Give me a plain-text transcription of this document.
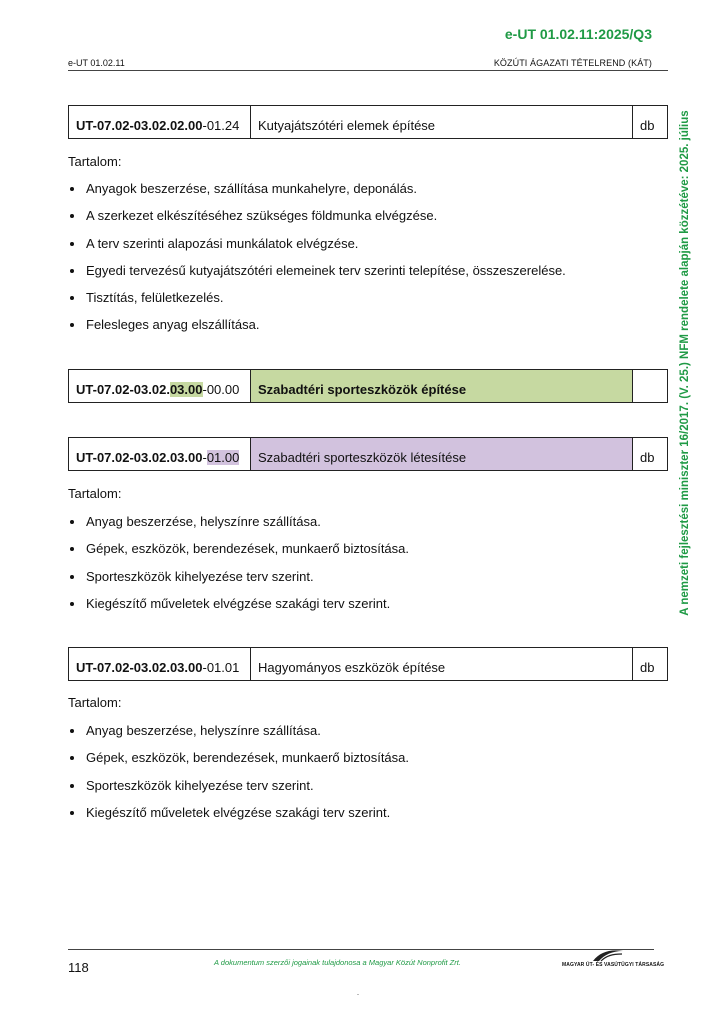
e-UT 01.02.11:2025/Q3
e-UT 01.02.11	KÖZÚTI ÁGAZATI TÉTELREND (KÁT)
A nemzeti fejlesztési miniszter 16/2017. (V. 25.) NFM rendelete alapján közzétéve: 2025. július
UT-07.02-03.02.02.00 -01.24	Kutyajátszótéri elemek építése	db
Tartalom:
Anyagok beszerzése, szállítása munkahelyre, deponálás.
A szerkezet elkészítéséhez szükséges földmunka elvégzése.
A terv szerinti alapozási munkálatok elvégzése.
Egyedi tervezésű kutyajátszótéri elemeinek terv szerinti telepítése, összeszerelése.
Tisztítás, felületkezelés.
Felesleges anyag elszállítása.
UT-07.02-03.02. 03.00 -00.00	Szabadtéri sporteszközök építése
UT-07.02-03.02.03.00 - 01.00	Szabadtéri sporteszközök létesítése	db
Tartalom:
Anyag beszerzése, helyszínre szállítása.
Gépek, eszközök, berendezések, munkaerő biztosítása.
Sporteszközök kihelyezése terv szerint.
Kiegészítő műveletek elvégzése szakági terv szerint.
UT-07.02-03.02.03.00 -01.01	Hagyományos eszközök építése	db
Tartalom:
Anyag beszerzése, helyszínre szállítása.
Gépek, eszközök, berendezések, munkaerő biztosítása.
Sporteszközök kihelyezése terv szerint.
Kiegészítő műveletek elvégzése szakági terv szerint.
118	A dokumentum szerzői jogainak tulajdonosa a Magyar Közút Nonprofit Zrt.	MAGYAR ÚT- ÉS VASÚTÜGYI TÁRSASÁG
